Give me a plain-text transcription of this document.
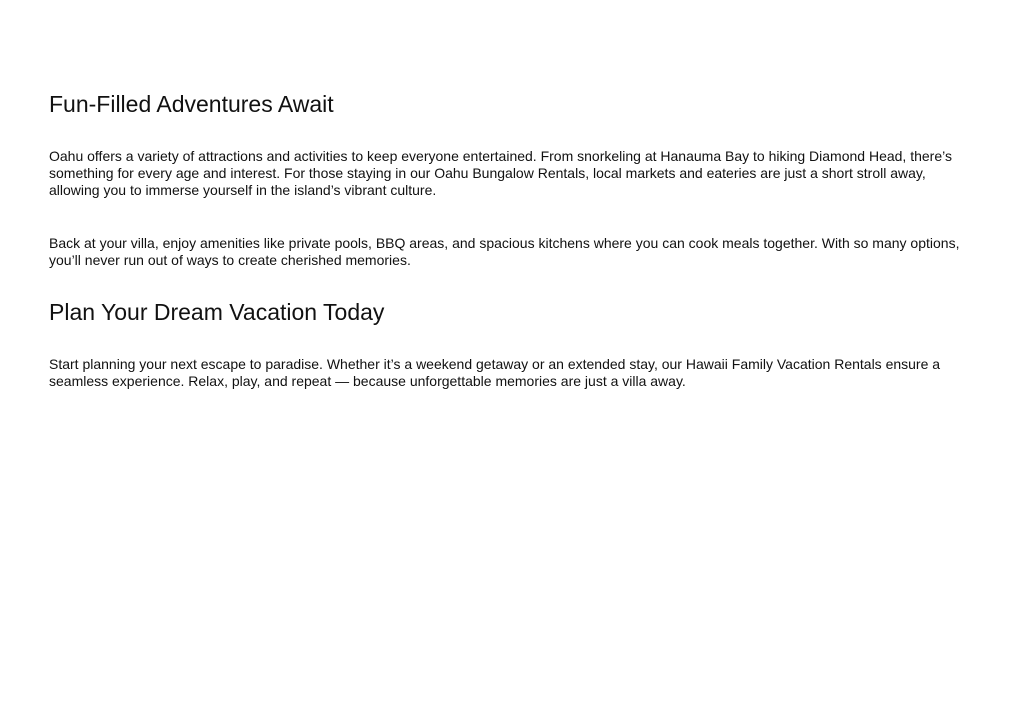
Fun-Filled Adventures Await

Oahu offers a variety of attractions and activities to keep everyone entertained. From snorkeling at Hanauma Bay to hiking Diamond Head, there’s something for every age and interest. For those staying in our Oahu Bungalow Rentals, local markets and eateries are just a short stroll away, allowing you to immerse yourself in the island’s vibrant culture.

Back at your villa, enjoy amenities like private pools, BBQ areas, and spacious kitchens where you can cook meals together. With so many options, you’ll never run out of ways to create cherished memories.

Plan Your Dream Vacation Today

Start planning your next escape to paradise. Whether it’s a weekend getaway or an extended stay, our Hawaii Family Vacation Rentals ensure a seamless experience. Relax, play, and repeat — because unforgettable memories are just a villa away.
